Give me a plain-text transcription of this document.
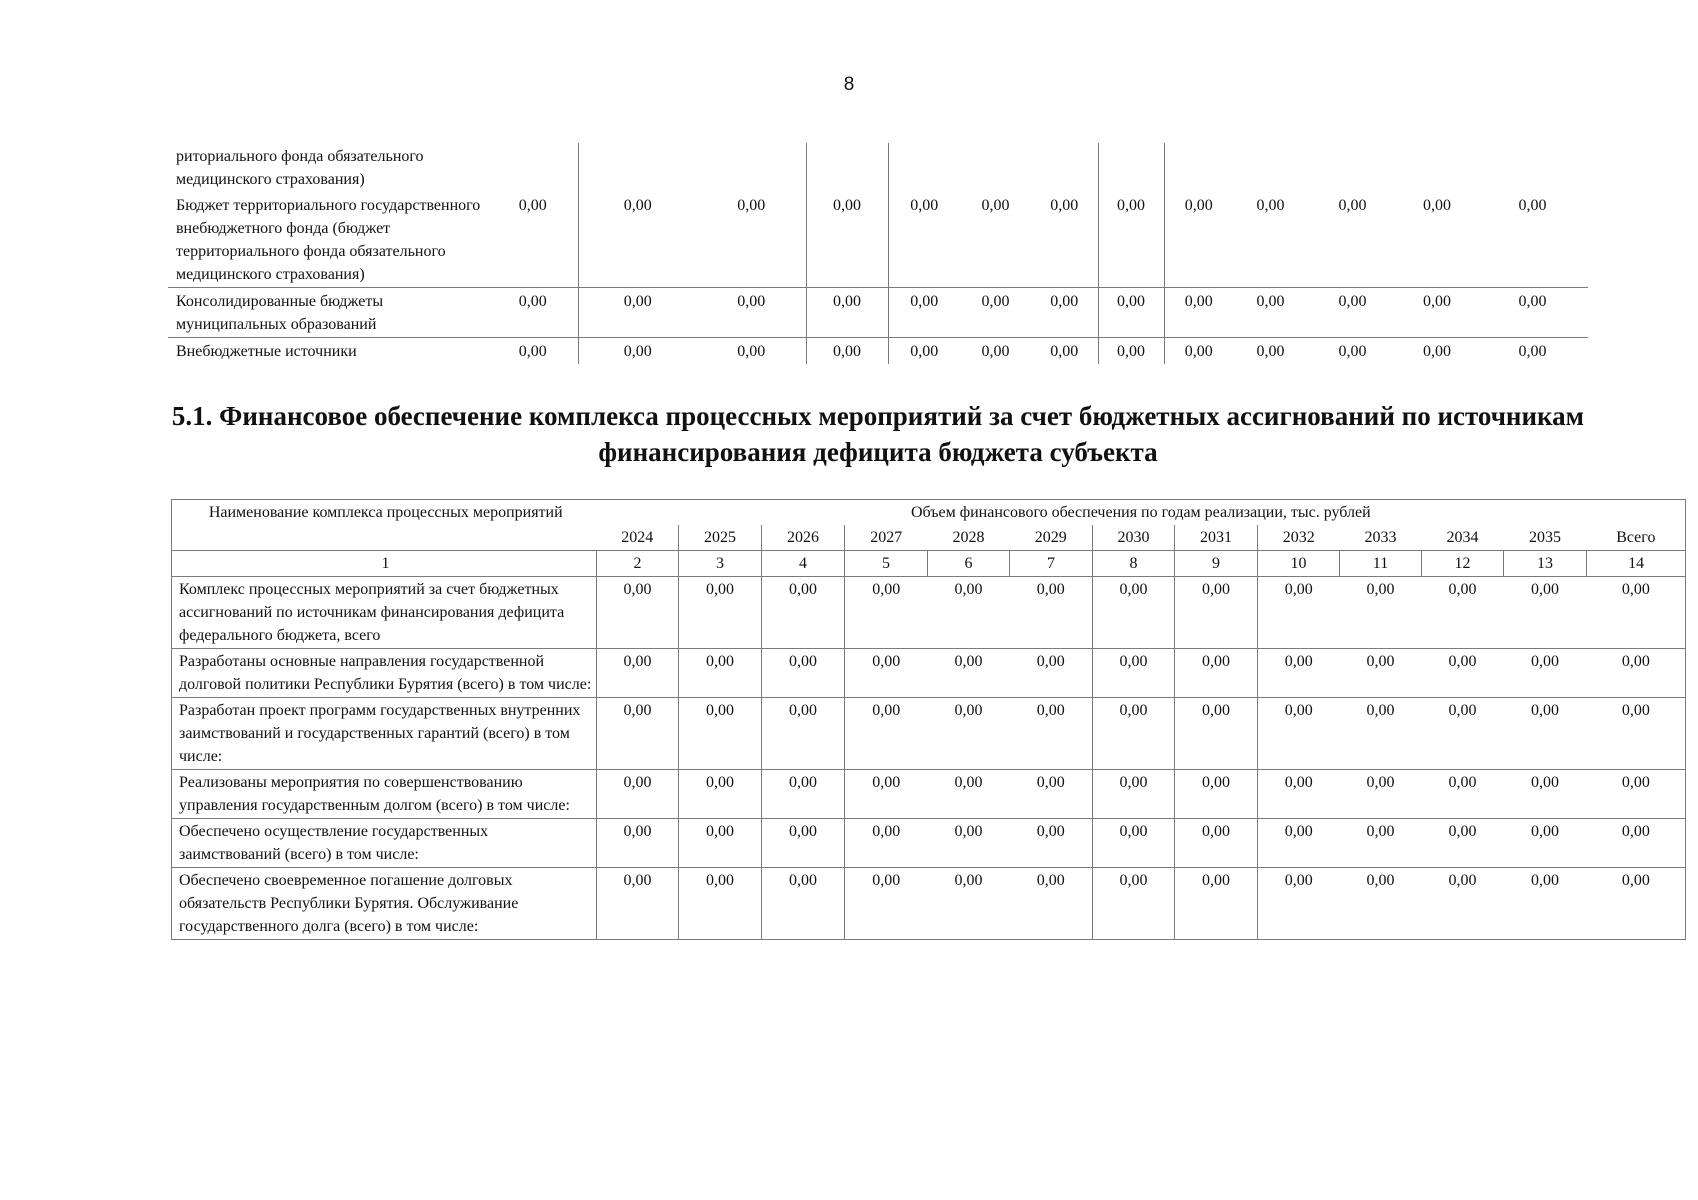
8
риториального фонда обязательного медицинского страхования)													
Бюджет территориального государственного внебюджетного фонда (бюджет территориального фонда обязательного медицинского страхования)	0,00	0,00	0,00	0,00	0,00	0,00	0,00	0,00	0,00	0,00	0,00	0,00	0,00
Консолидированные бюджеты муниципальных образований	0,00	0,00	0,00	0,00	0,00	0,00	0,00	0,00	0,00	0,00	0,00	0,00	0,00
Внебюджетные источники	0,00	0,00	0,00	0,00	0,00	0,00	0,00	0,00	0,00	0,00	0,00	0,00	0,00
5.1. Финансовое обеспечение комплекса процессных мероприятий за счет бюджетных ассигнований по источникам финансирования дефицита бюджета субъекта
Наименование комплекса процессных мероприятий	Объем финансового обеспечения по годам реализации, тыс. рублей												
	2024	2025	2026	2027	2028	2029	2030	2031	2032	2033	2034	2035	Всего
1	2	3	4	5	6	7	8	9	10	11	12	13	14
Комплекс процессных мероприятий за счет бюджетных ассигнований по источникам финансирования дефицита федерального бюджета, всего	0,00	0,00	0,00	0,00	0,00	0,00	0,00	0,00	0,00	0,00	0,00	0,00	0,00
Разработаны основные направления государственной долговой политики Республики Бурятия (всего) в том числе:	0,00	0,00	0,00	0,00	0,00	0,00	0,00	0,00	0,00	0,00	0,00	0,00	0,00
Разработан проект программ государственных внутренних заимствований и государственных гарантий (всего) в том числе:	0,00	0,00	0,00	0,00	0,00	0,00	0,00	0,00	0,00	0,00	0,00	0,00	0,00
Реализованы мероприятия по совершенствованию управления государственным долгом (всего) в том числе:	0,00	0,00	0,00	0,00	0,00	0,00	0,00	0,00	0,00	0,00	0,00	0,00	0,00
Обеспечено осуществление государственных заимствований (всего) в том числе:	0,00	0,00	0,00	0,00	0,00	0,00	0,00	0,00	0,00	0,00	0,00	0,00	0,00
Обеспечено своевременное погашение долговых обязательств Республики Бурятия. Обслуживание государственного долга (всего) в том числе:	0,00	0,00	0,00	0,00	0,00	0,00	0,00	0,00	0,00	0,00	0,00	0,00	0,00
